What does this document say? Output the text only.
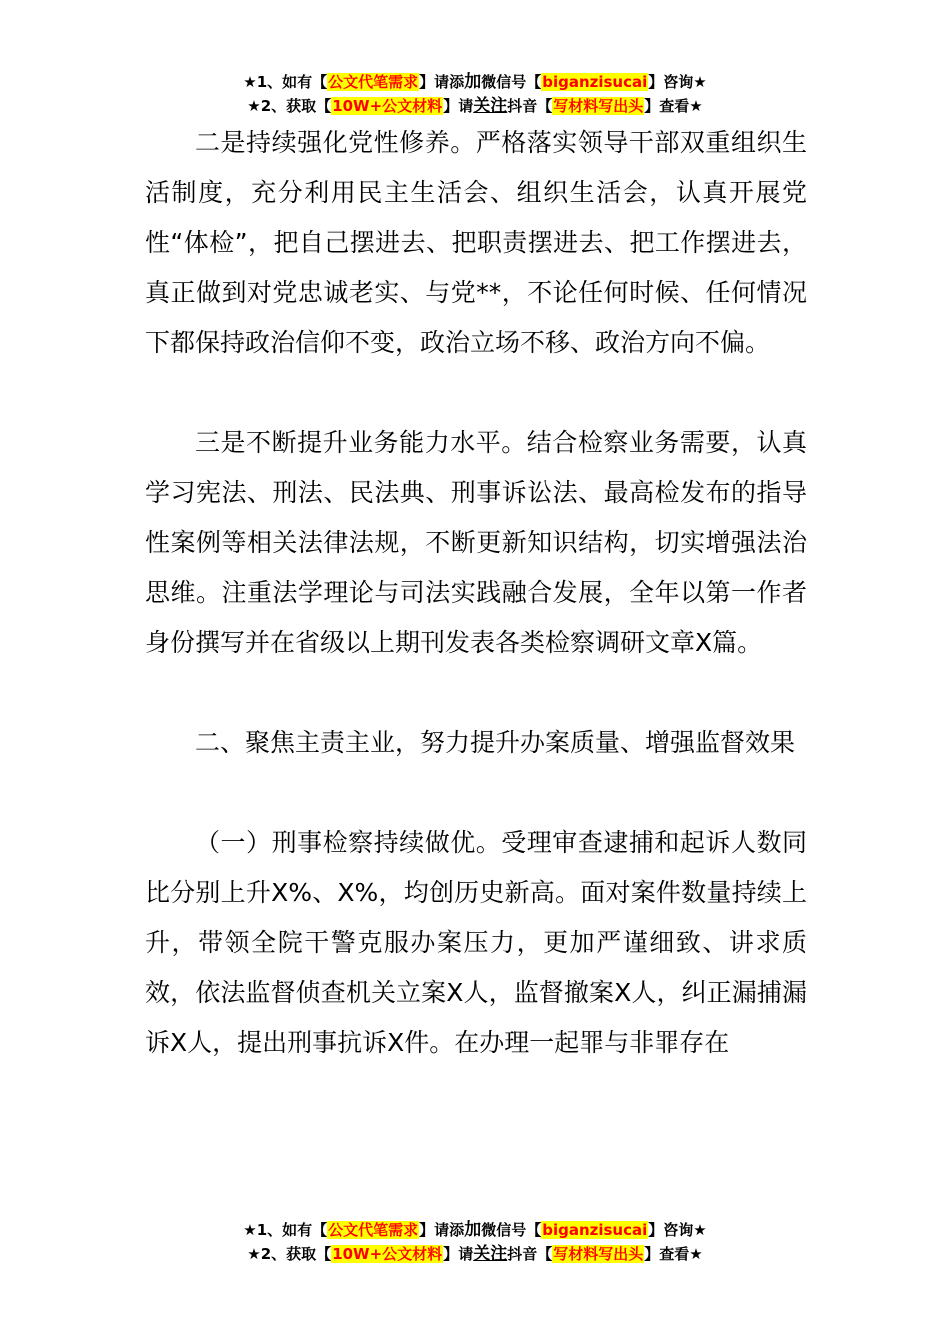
★1、如有【公文代笔需求】请添加微信号【biganzisucai】咨询★
★2、获取【10W+公文材料】请关注抖音【写材料写出头】查看★

二是持续强化党性修养。严格落实领导干部双重组织生活制度，充分利用民主生活会、组织生活会，认真开展党性“体检”，把自己摆进去、把职责摆进去、把工作摆进去，真正做到对党忠诚老实、与党**，不论任何时候、任何情况下都保持政治信仰不变，政治立场不移、政治方向不偏。

三是不断提升业务能力水平。结合检察业务需要，认真学习宪法、刑法、民法典、刑事诉讼法、最高检发布的指导性案例等相关法律法规，不断更新知识结构，切实增强法治思维。注重法学理论与司法实践融合发展，全年以第一作者身份撰写并在省级以上期刊发表各类检察调研文章X篇。

二、聚焦主责主业，努力提升办案质量、增强监督效果

（一）刑事检察持续做优。受理审查逮捕和起诉人数同比分别上升X%、X%，均创历史新高。面对案件数量持续上升，带领全院干警克服办案压力，更加严谨细致、讲求质效，依法监督侦查机关立案X人，监督撤案X人，纠正漏捕漏诉X人，提出刑事抗诉X件。在办理一起罪与非罪存在

★1、如有【公文代笔需求】请添加微信号【biganzisucai】咨询★
★2、获取【10W+公文材料】请关注抖音【写材料写出头】查看★
